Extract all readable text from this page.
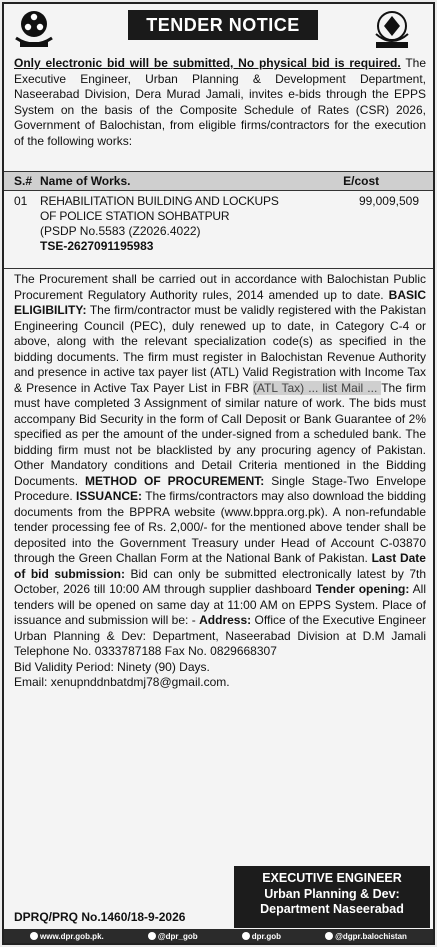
TENDER NOTICE
Only electronic bid will be submitted, No physical bid is required. The Executive Engineer, Urban Planning & Development Department, Naseerabad Division, Dera Murad Jamali, invites e-bids through the EPPS System on the basis of the Composite Schedule of Rates (CSR) 2026, Government of Balochistan, from eligible firms/contractors for the execution of the following works:
S.#	Name of Works.	E/cost
01	REHABILITATION BUILDING AND LOCKUPS
OF POLICE STATION SOHBATPUR
(PSDP No.5583 (Z2026.4022)
TSE-2627091195983	99,009,509
The Procurement shall be carried out in accordance with Balochistan Public Procurement Regulatory Authority rules, 2014 amended up to date. BASIC ELIGIBILITY: The firm/contractor must be validly registered with the Pakistan Engineering Council (PEC), duly renewed up to date, in Category C-4 or above, along with the relevant specialization code(s) as specified in the bidding documents. The firm must register in Balochistan Revenue Authority and presence in active tax payer list (ATL) Valid Registration with Income Tax & Presence in Active Tax Payer List in FBR (ATL Tax) ... list Mail ... The firm must have completed 3 Assignment of similar nature of work. The bids must accompany Bid Security in the form of Call Deposit or Bank Guarantee of 2% specified as per the amount of the under-signed from a scheduled bank. The bidding firm must not be blacklisted by any procuring agency of Pakistan. Other Mandatory conditions and Detail Criteria mentioned in the Bidding Documents. METHOD OF PROCUREMENT: Single Stage-Two Envelope Procedure. ISSUANCE: The firms/contractors may also download the bidding documents from the BPPRA website (www.bppra.org.pk). A non-refundable tender processing fee of Rs. 2,000/- for the mentioned above tender shall be deposited into the Government Treasury under Head of Account C-03870 through the Green Challan Form at the National Bank of Pakistan. Last Date of bid submission: Bid can only be submitted electronically latest by 7th October, 2026 till 10:00 AM through supplier dashboard Tender opening: All tenders will be opened on same day at 11:00 AM on EPPS System. Place of issuance and submission will be: - Address: Office of the Executive Engineer Urban Planning & Dev: Department, Naseerabad Division at D.M Jamali Telephone No. 0333787188 Fax No. 0829668307
Bid Validity Period: Ninety (90) Days.
Email: xenupnddnbatdmj78@gmail.com.
EXECUTIVE ENGINEER
Urban Planning & Dev:
Department Naseerabad
DPRQ/PRQ No.1460/18-9-2026
www.dpr.gob.pk.	@dpr_gob	dpr.gob	@dgpr.balochistan
